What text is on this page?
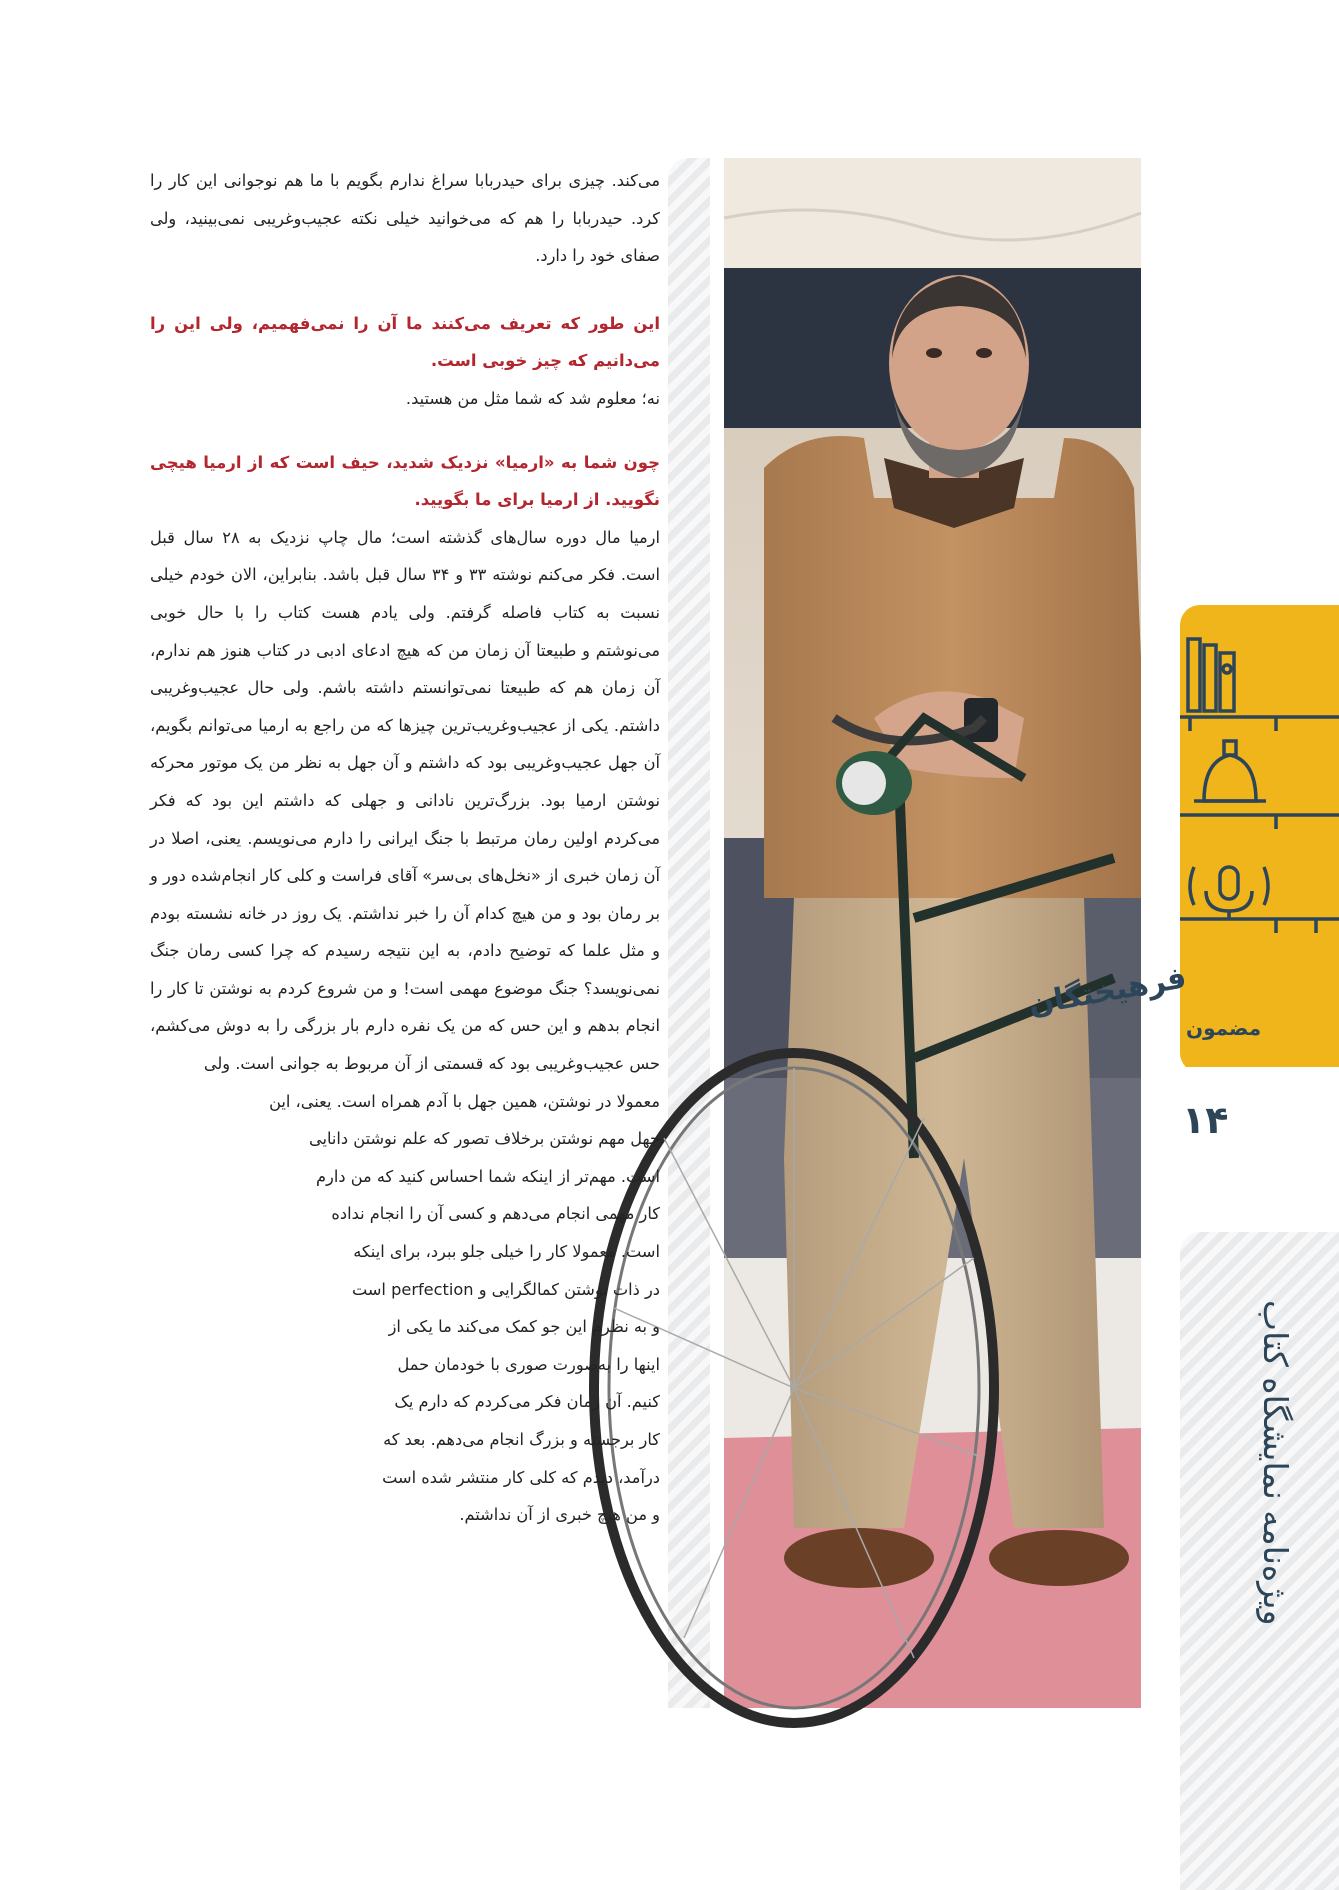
فرهیختگان
مضمون
۱۴
ویژه‌نامه نمایشگاه کتاب

می‌کند. چیزی برای حیدربابا سراغ ندارم بگویم با ما هم نوجوانی این کار را کرد. حیدربابا را هم که می‌خوانید خیلی نکته عجیب‌وغریبی نمی‌بینید، ولی صفای خود را دارد.

این طور که تعریف می‌کنند ما آن را نمی‌فهمیم، ولی این را می‌دانیم که چیز خوبی است.

نه؛ معلوم شد که شما مثل من هستید.

چون شما به «ارمیا» نزدیک شدید، حیف است که از ارمیا هیچی نگویید. از ارمیا برای ما بگویید.

ارمیا مال دوره سال‌های گذشته است؛ مال چاپ نزدیک به ۲۸ سال قبل است. فکر می‌کنم نوشته ۳۳ و ۳۴ سال قبل باشد. بنابراین، الان خودم خیلی نسبت به کتاب فاصله گرفتم. ولی یادم هست کتاب را با حال خوبی می‌نوشتم و طبیعتا آن زمان من که هیچ ادعای ادبی در کتاب هنوز هم ندارم، آن زمان هم که طبیعتا نمی‌توانستم داشته باشم. ولی حال عجیب‌وغریبی داشتم. یکی از عجیب‌وغریب‌ترین چیزها که من راجع به ارمیا می‌توانم بگویم، آن جهل عجیب‌وغریبی بود که داشتم و آن جهل به نظر من یک موتور محرکه نوشتن ارمیا بود. بزرگ‌ترین نادانی و جهلی که داشتم این بود که فکر می‌کردم اولین رمان مرتبط با جنگ ایرانی را دارم می‌نویسم. یعنی، اصلا در آن زمان خبری از «نخل‌های بی‌سر» آقای فراست و کلی کار انجام‌شده دور و بر رمان بود و من هیچ کدام آن را خبر نداشتم. یک روز در خانه نشسته بودم و مثل علما که توضیح دادم، به این نتیجه رسیدم که چرا کسی رمان جنگ نمی‌نویسد؟ جنگ موضوع مهمی است! و من شروع کردم به نوشتن تا کار را انجام بدهم و این حس که من یک نفره دارم بار بزرگی را به دوش می‌کشم، حس عجیب‌وغریبی بود که قسمتی از آن مربوط به جوانی است. ولی

معمولا در نوشتن، همین جهل با آدم همراه است. یعنی، این
جهل مهم نوشتن برخلاف تصور که علم نوشتن دانایی
است. مهم‌تر از اینکه شما احساس کنید که من دارم
کار مهمی انجام می‌دهم و کسی آن را انجام نداده
است. معمولا کار را خیلی جلو ببرد، برای اینکه
در ذات نوشتن کمالگرایی و perfection است
و به نظرم این جو کمک می‌کند ما یکی از
اینها را به‌صورت صوری با خودمان حمل
کنیم. آن زمان فکر می‌کردم که دارم یک
کار برجسته و بزرگ انجام می‌دهم. بعد که
درآمد، دیدم که کلی کار منتشر شده است
و من هیچ خبری از آن نداشتم.
